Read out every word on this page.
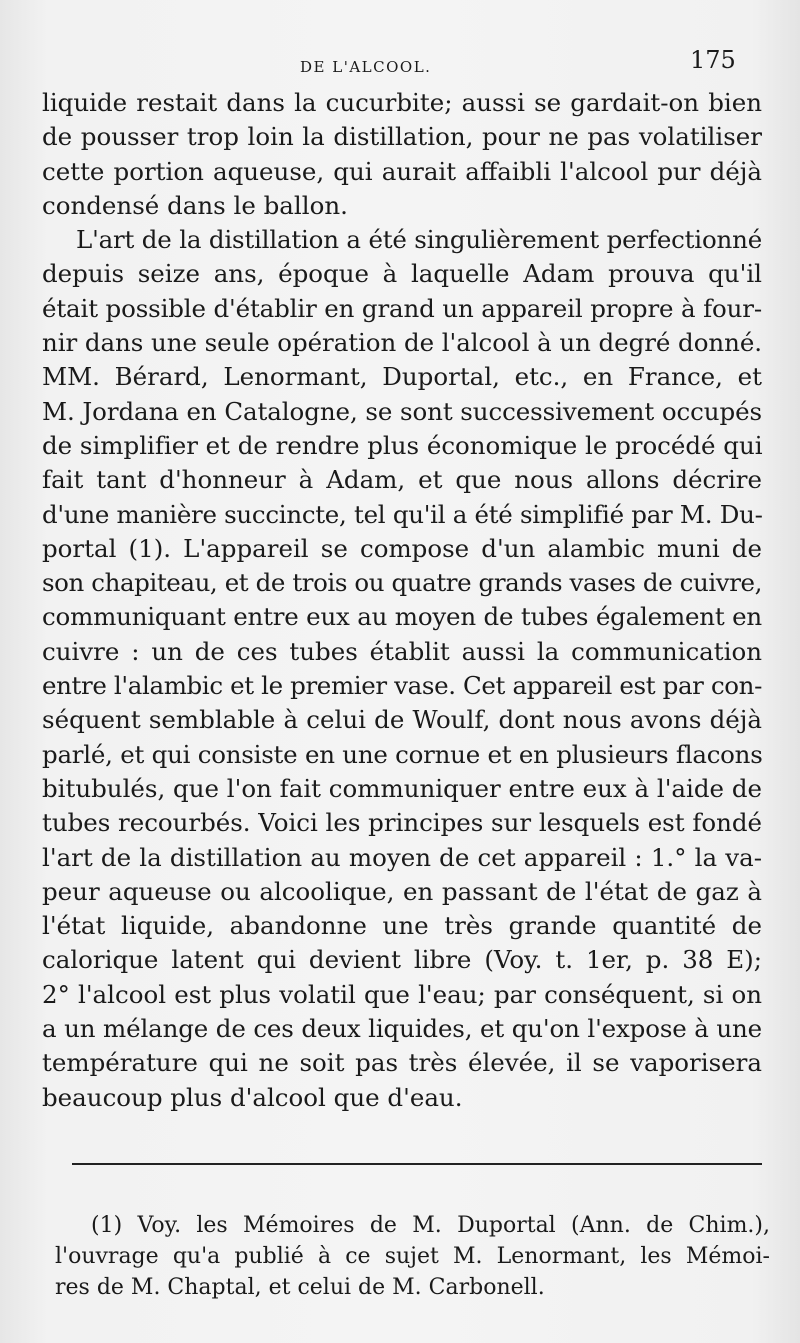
DE L'ALCOOL.	175
liquide restait dans la cucurbite; aussi se gardait-on bien
de pousser trop loin la distillation, pour ne pas volatiliser
cette portion aqueuse, qui aurait affaibli l'alcool pur déjà
condensé dans le ballon.
L'art de la distillation a été singulièrement perfectionné
depuis seize ans, époque à laquelle Adam prouva qu'il
était possible d'établir en grand un appareil propre à four-
nir dans une seule opération de l'alcool à un degré donné.
MM. Bérard, Lenormant, Duportal, etc., en France, et
M. Jordana en Catalogne, se sont successivement occupés
de simplifier et de rendre plus économique le procédé qui
fait tant d'honneur à Adam, et que nous allons décrire
d'une manière succincte, tel qu'il a été simplifié par M. Du-
portal (1). L'appareil se compose d'un alambic muni de
son chapiteau, et de trois ou quatre grands vases de cuivre,
communiquant entre eux au moyen de tubes également en
cuivre : un de ces tubes établit aussi la communication
entre l'alambic et le premier vase. Cet appareil est par con-
séquent semblable à celui de Woulf, dont nous avons déjà
parlé, et qui consiste en une cornue et en plusieurs flacons
bitubulés, que l'on fait communiquer entre eux à l'aide de
tubes recourbés. Voici les principes sur lesquels est fondé
l'art de la distillation au moyen de cet appareil : 1.° la va-
peur aqueuse ou alcoolique, en passant de l'état de gaz à
l'état liquide, abandonne une très grande quantité de
calorique latent qui devient libre (Voy. t. 1er, p. 38 E);
2° l'alcool est plus volatil que l'eau; par conséquent, si on
a un mélange de ces deux liquides, et qu'on l'expose à une
température qui ne soit pas très élevée, il se vaporisera
beaucoup plus d'alcool que d'eau.
(1) Voy. les Mémoires de M. Duportal (Ann. de Chim.),
l'ouvrage qu'a publié à ce sujet M. Lenormant, les Mémoi-
res de M. Chaptal, et celui de M. Carbonell.
